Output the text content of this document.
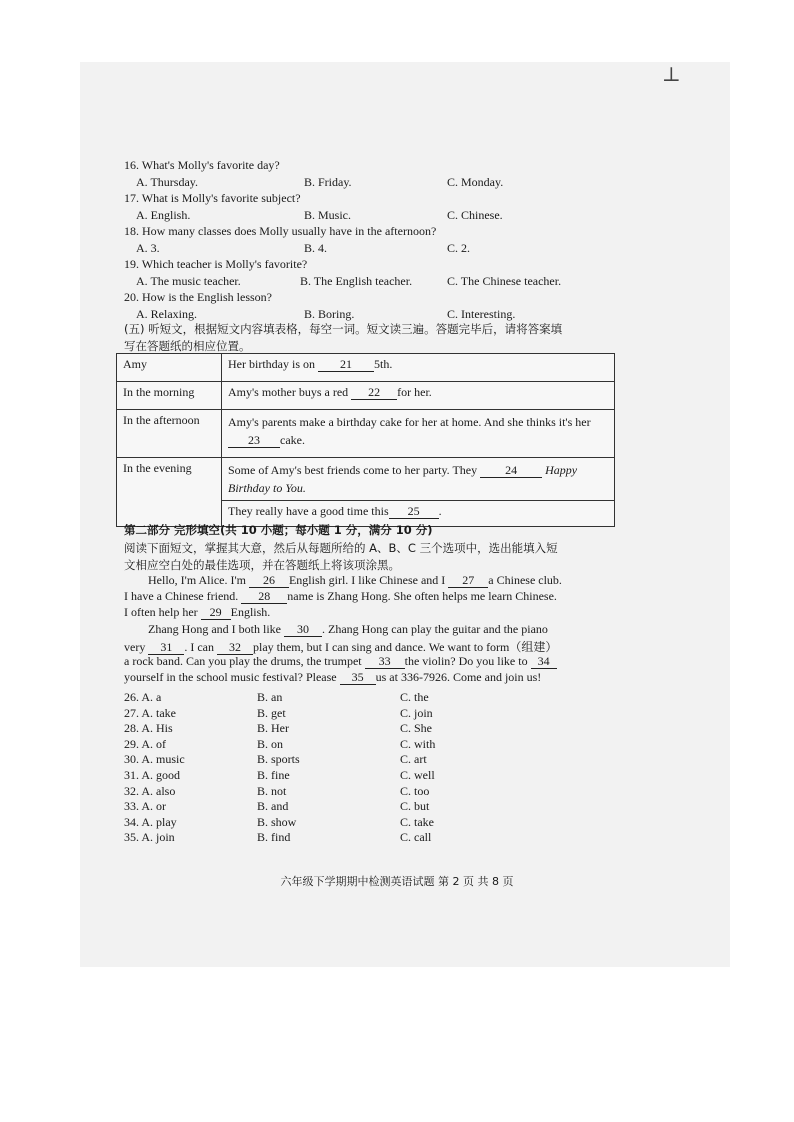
⊥
16. What's Molly's favorite day?
A. Thursday.	B. Friday.	C. Monday.
17. What is Molly's favorite subject?
A. English.	B. Music.	C. Chinese.
18. How many classes does Molly usually have in the afternoon?
A. 3.	B. 4.	C. 2.
19. Which teacher is Molly's favorite?
A. The music teacher.	B. The English teacher.	C. The Chinese teacher.
20. How is the English lesson?
A. Relaxing.	B. Boring.	C. Interesting.
(五) 听短文，根据短文内容填表格，每空一词。短文读三遍。答题完毕后，请将答案填
写在答题纸的相应位置。
Amy	Her birthday is on 21 5th.
In the morning	Amy's mother buys a red 22 for her.
In the afternoon	Amy's parents make a birthday cake for her at home. And she thinks it's her 23 cake.
In the evening	Some of Amy's best friends come to her party. They 24 Happy
Birthday to You.
	They really have a good time this 25 .
第二部分 完形填空(共 10 小题；每小题 1 分，满分 10 分)
阅读下面短文，掌握其大意，然后从每题所给的 A、B、C 三个选项中，选出能填入短
文相应空白处的最佳选项，并在答题纸上将该项涂黑。
Hello, I'm Alice. I'm 26 English girl. I like Chinese and I 27 a Chinese club.
I have a Chinese friend. 28 name is Zhang Hong. She often helps me learn Chinese.
I often help her 29 English.
Zhang Hong and I both like 30 . Zhang Hong can play the guitar and the piano
very 31 . I can 32 play them, but I can sing and dance. We want to form（组建）
a rock band. Can you play the drums, the trumpet 33 the violin? Do you like to 34
yourself in the school music festival? Please 35 us at 336-7926. Come and join us!
26. A. a	B. an	C. the
27. A. take	B. get	C. join
28. A. His	B. Her	C. She
29. A. of	B. on	C. with
30. A. music	B. sports	C. art
31. A. good	B. fine	C. well
32. A. also	B. not	C. too
33. A. or	B. and	C. but
34. A. play	B. show	C. take
35. A. join	B. find	C. call
六年级下学期期中检测英语试题 第 2 页 共 8 页
